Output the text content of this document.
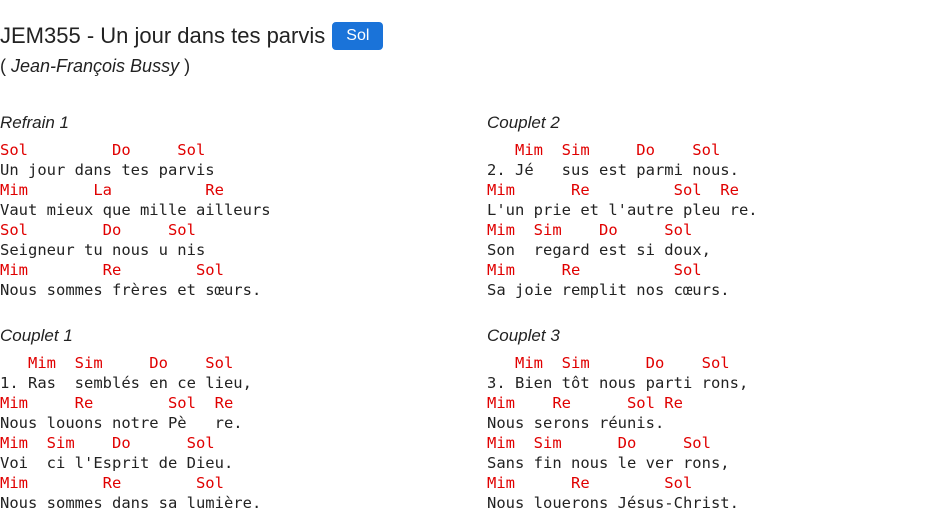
JEM355 - Un jour dans tes parvis	Sol
( Jean-François Bussy )
Refrain 1
Sol         Do     Sol
Un jour dans tes parvis
Mim       La          Re
Vaut mieux que mille ailleurs
Sol        Do     Sol
Seigneur tu nous u nis
Mim        Re        Sol
Nous sommes frères et sœurs.
Couplet 2
Mim  Sim     Do    Sol
2. Jé   sus est parmi nous.
Mim      Re         Sol  Re
L'un prie et l'autre pleu re.
Mim  Sim    Do     Sol
Son  regard est si doux,
Mim     Re          Sol
Sa joie remplit nos cœurs.
Couplet 1
Mim  Sim     Do    Sol
1. Ras  semblés en ce lieu,
Mim     Re        Sol  Re
Nous louons notre Pè   re.
Mim  Sim    Do      Sol
Voi  ci l'Esprit de Dieu.
Mim        Re        Sol
Nous sommes dans sa lumière.
Couplet 3
Mim  Sim      Do    Sol
3. Bien tôt nous parti rons,
Mim    Re      Sol Re
Nous serons réunis.
Mim  Sim      Do     Sol
Sans fin nous le ver rons,
Mim      Re        Sol
Nous louerons Jésus-Christ.
